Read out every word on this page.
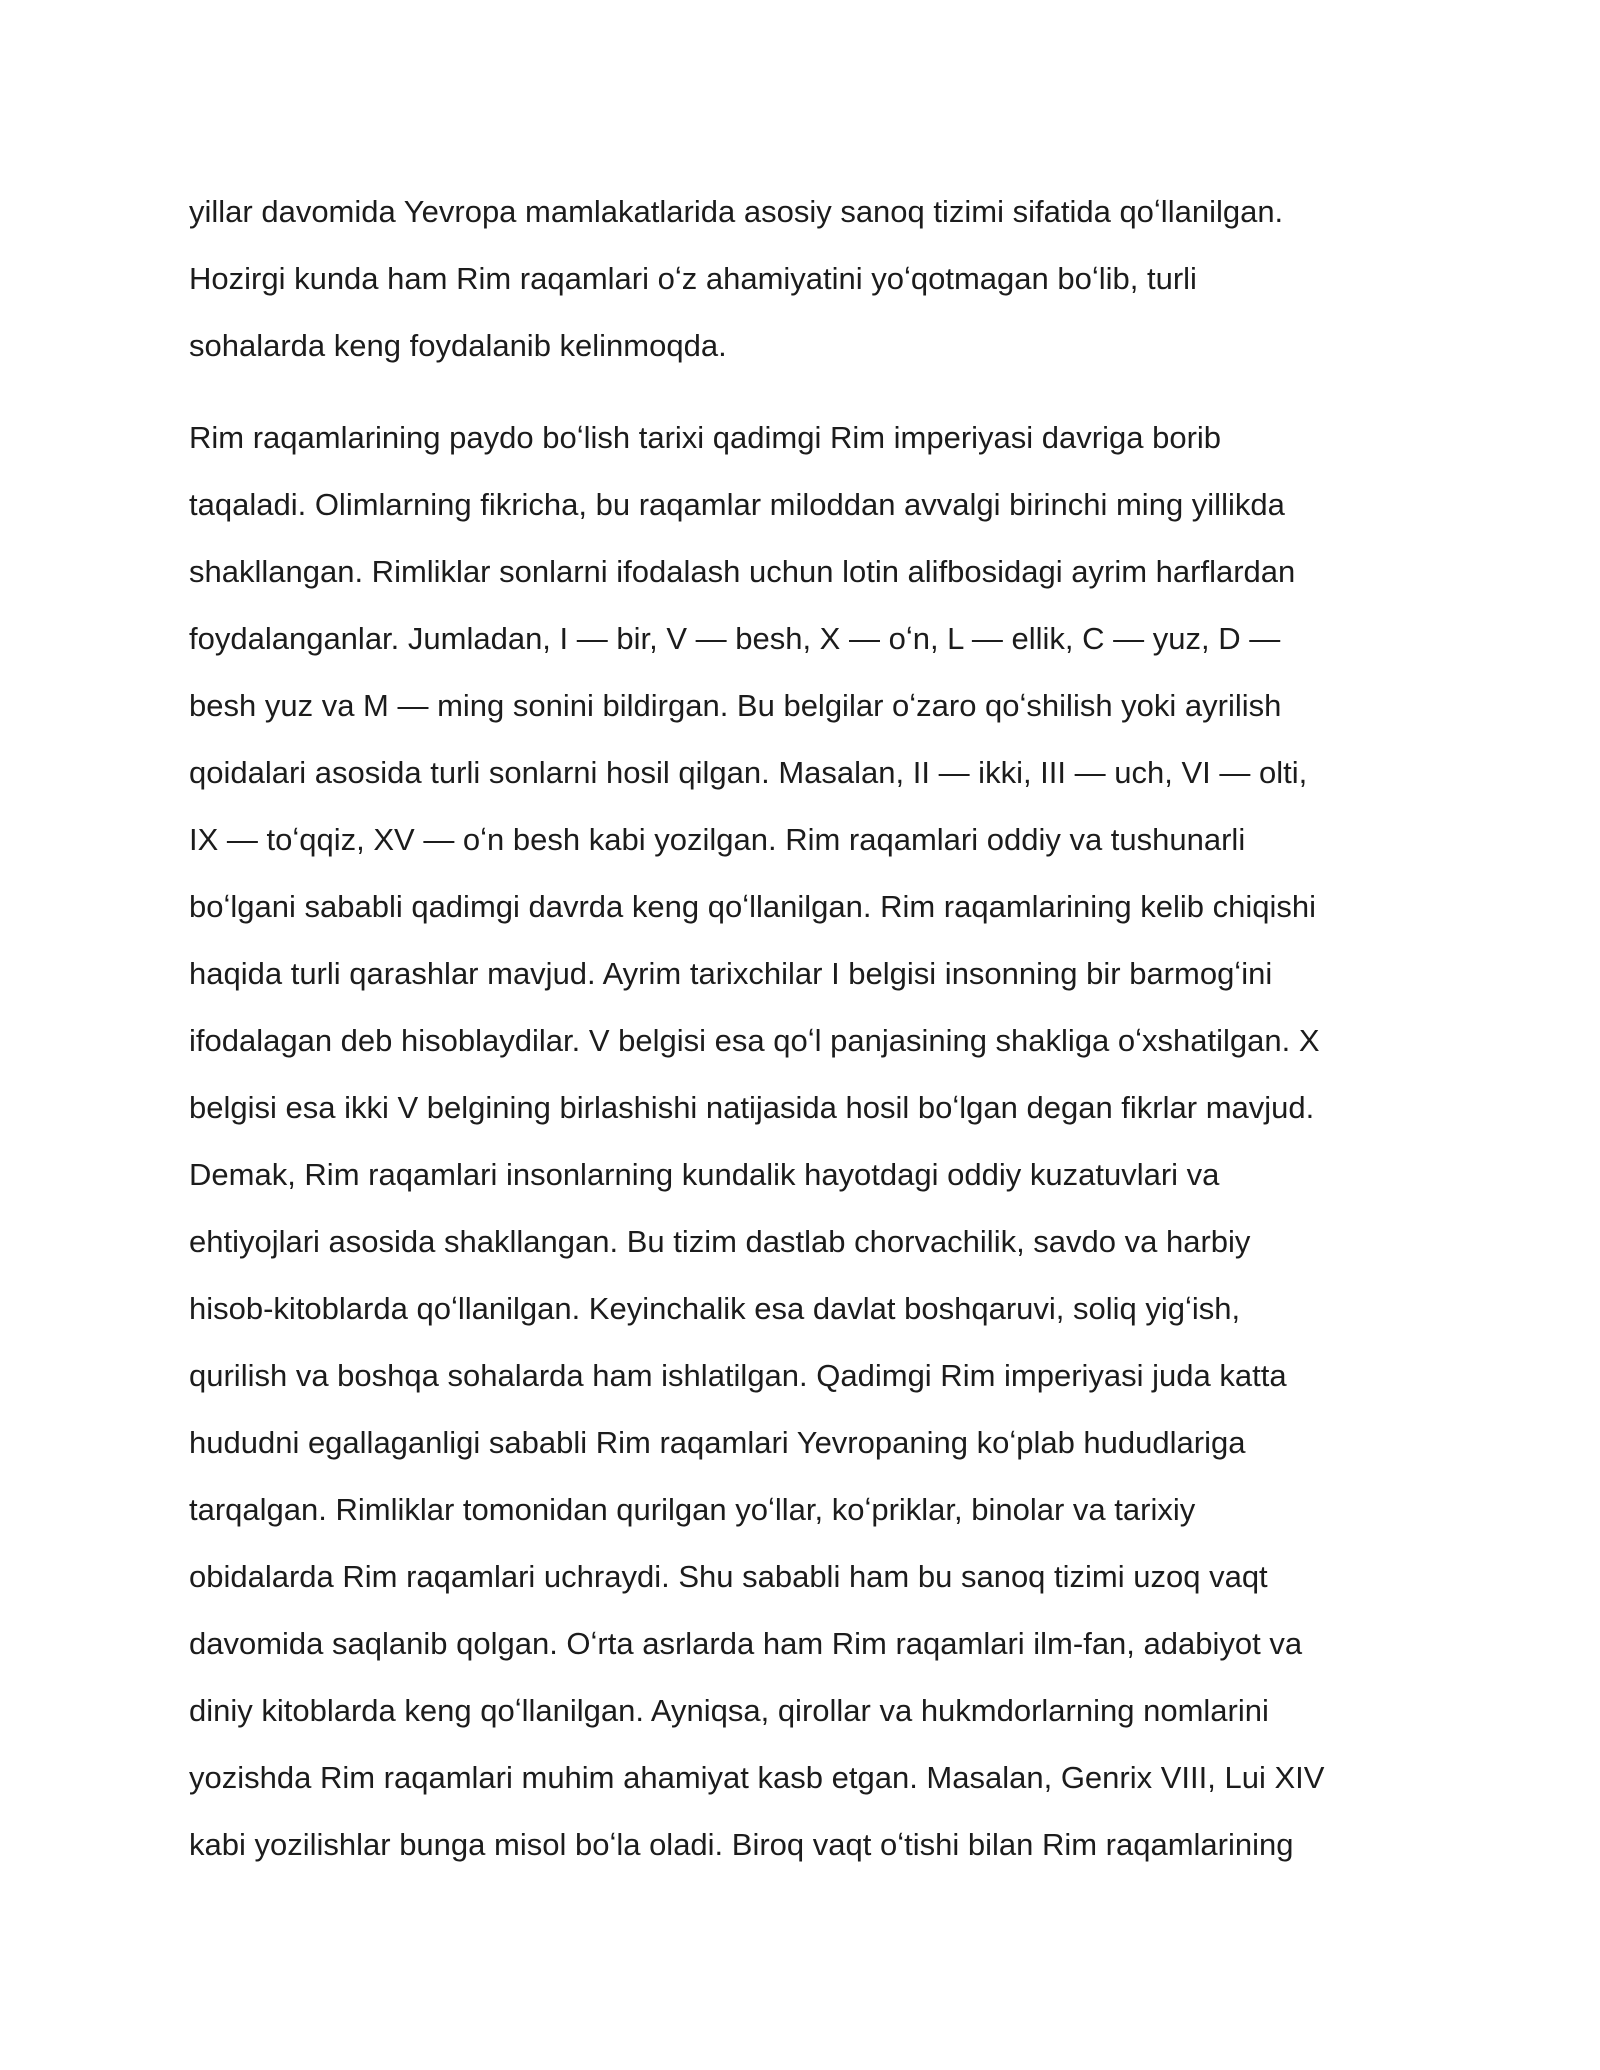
yillar davomida Yevropa mamlakatlarida asosiy sanoq tizimi sifatida qoʻllanilgan.
Hozirgi kunda ham Rim raqamlari oʻz ahamiyatini yoʻqotmagan boʻlib, turli
sohalarda keng foydalanib kelinmoqda.

Rim raqamlarining paydo boʻlish tarixi qadimgi Rim imperiyasi davriga borib
taqaladi. Olimlarning fikricha, bu raqamlar miloddan avvalgi birinchi ming yillikda
shakllangan. Rimliklar sonlarni ifodalash uchun lotin alifbosidagi ayrim harflardan
foydalanganlar. Jumladan, I — bir, V — besh, X — oʻn, L — ellik, C — yuz, D —
besh yuz va M — ming sonini bildirgan. Bu belgilar oʻzaro qoʻshilish yoki ayrilish
qoidalari asosida turli sonlarni hosil qilgan. Masalan, II — ikki, III — uch, VI — olti,
IX — toʻqqiz, XV — oʻn besh kabi yozilgan. Rim raqamlari oddiy va tushunarli
boʻlgani sababli qadimgi davrda keng qoʻllanilgan. Rim raqamlarining kelib chiqishi
haqida turli qarashlar mavjud. Ayrim tarixchilar I belgisi insonning bir barmogʻini
ifodalagan deb hisoblaydilar. V belgisi esa qoʻl panjasining shakliga oʻxshatilgan. X
belgisi esa ikki V belgining birlashishi natijasida hosil boʻlgan degan fikrlar mavjud.
Demak, Rim raqamlari insonlarning kundalik hayotdagi oddiy kuzatuvlari va
ehtiyojlari asosida shakllangan. Bu tizim dastlab chorvachilik, savdo va harbiy
hisob-kitoblarda qoʻllanilgan. Keyinchalik esa davlat boshqaruvi, soliq yigʻish,
qurilish va boshqa sohalarda ham ishlatilgan. Qadimgi Rim imperiyasi juda katta
hududni egallaganligi sababli Rim raqamlari Yevropaning koʻplab hududlariga
tarqalgan. Rimliklar tomonidan qurilgan yoʻllar, koʻpriklar, binolar va tarixiy
obidalarda Rim raqamlari uchraydi. Shu sababli ham bu sanoq tizimi uzoq vaqt
davomida saqlanib qolgan. Oʻrta asrlarda ham Rim raqamlari ilm-fan, adabiyot va
diniy kitoblarda keng qoʻllanilgan. Ayniqsa, qirollar va hukmdorlarning nomlarini
yozishda Rim raqamlari muhim ahamiyat kasb etgan. Masalan, Genrix VIII, Lui XIV
kabi yozilishlar bunga misol boʻla oladi. Biroq vaqt oʻtishi bilan Rim raqamlarining
